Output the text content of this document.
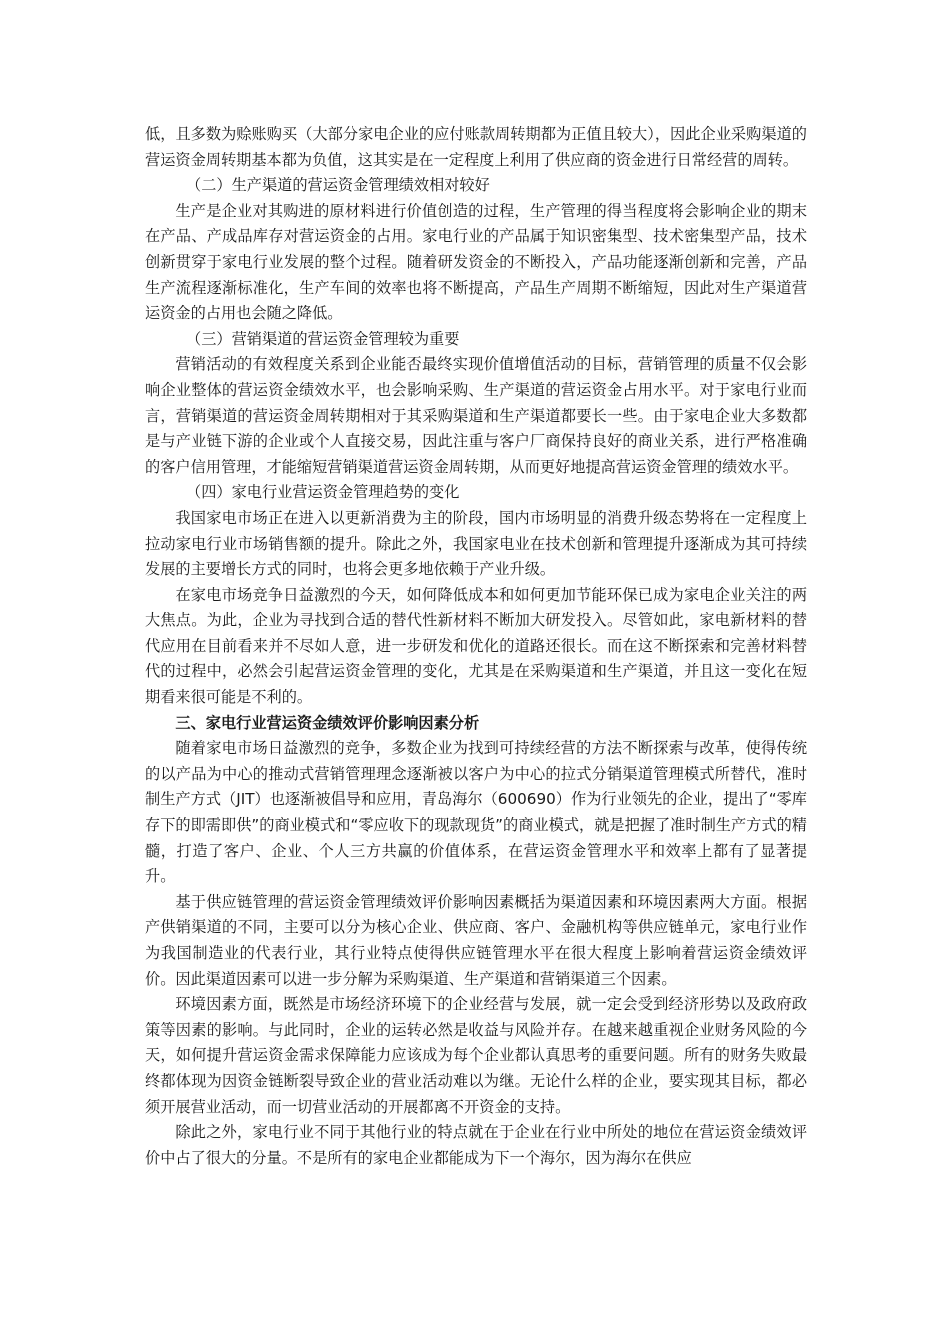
低，且多数为赊账购买（大部分家电企业的应付账款周转期都为正值且较大），因此企业采购渠道的营运资金周转期基本都为负值，这其实是在一定程度上利用了供应商的资金进行日常经营的周转。

（二）生产渠道的营运资金管理绩效相对较好

生产是企业对其购进的原材料进行价值创造的过程，生产管理的得当程度将会影响企业的期末在产品、产成品库存对营运资金的占用。家电行业的产品属于知识密集型、技术密集型产品，技术创新贯穿于家电行业发展的整个过程。随着研发资金的不断投入，产品功能逐渐创新和完善，产品生产流程逐渐标准化，生产车间的效率也将不断提高，产品生产周期不断缩短，因此对生产渠道营运资金的占用也会随之降低。

（三）营销渠道的营运资金管理较为重要

营销活动的有效程度关系到企业能否最终实现价值增值活动的目标，营销管理的质量不仅会影响企业整体的营运资金绩效水平，也会影响采购、生产渠道的营运资金占用水平。对于家电行业而言，营销渠道的营运资金周转期相对于其采购渠道和生产渠道都要长一些。由于家电企业大多数都是与产业链下游的企业或个人直接交易，因此注重与客户厂商保持良好的商业关系，进行严格准确的客户信用管理，才能缩短营销渠道营运资金周转期，从而更好地提高营运资金管理的绩效水平。

（四）家电行业营运资金管理趋势的变化

我国家电市场正在进入以更新消费为主的阶段，国内市场明显的消费升级态势将在一定程度上拉动家电行业市场销售额的提升。除此之外，我国家电业在技术创新和管理提升逐渐成为其可持续发展的主要增长方式的同时，也将会更多地依赖于产业升级。

在家电市场竞争日益激烈的今天，如何降低成本和如何更加节能环保已成为家电企业关注的两大焦点。为此，企业为寻找到合适的替代性新材料不断加大研发投入。尽管如此，家电新材料的替代应用在目前看来并不尽如人意，进一步研发和优化的道路还很长。而在这不断探索和完善材料替代的过程中，必然会引起营运资金管理的变化，尤其是在采购渠道和生产渠道，并且这一变化在短期看来很可能是不利的。

三、家电行业营运资金绩效评价影响因素分析

随着家电市场日益激烈的竞争，多数企业为找到可持续经营的方法不断探索与改革，使得传统的以产品为中心的推动式营销管理理念逐渐被以客户为中心的拉式分销渠道管理模式所替代，准时制生产方式（JIT）也逐渐被倡导和应用，青岛海尔（600690）作为行业领先的企业，提出了“零库存下的即需即供”的商业模式和“零应收下的现款现货”的商业模式，就是把握了准时制生产方式的精髓，打造了客户、企业、个人三方共赢的价值体系，在营运资金管理水平和效率上都有了显著提升。

基于供应链管理的营运资金管理绩效评价影响因素概括为渠道因素和环境因素两大方面。根据产供销渠道的不同，主要可以分为核心企业、供应商、客户、金融机构等供应链单元，家电行业作为我国制造业的代表行业，其行业特点使得供应链管理水平在很大程度上影响着营运资金绩效评价。因此渠道因素可以进一步分解为采购渠道、生产渠道和营销渠道三个因素。

环境因素方面，既然是市场经济环境下的企业经营与发展，就一定会受到经济形势以及政府政策等因素的影响。与此同时，企业的运转必然是收益与风险并存。在越来越重视企业财务风险的今天，如何提升营运资金需求保障能力应该成为每个企业都认真思考的重要问题。所有的财务失败最终都体现为因资金链断裂导致企业的营业活动难以为继。无论什么样的企业，要实现其目标，都必须开展营业活动，而一切营业活动的开展都离不开资金的支持。

除此之外，家电行业不同于其他行业的特点就在于企业在行业中所处的地位在营运资金绩效评价中占了很大的分量。不是所有的家电企业都能成为下一个海尔，因为海尔在供应
